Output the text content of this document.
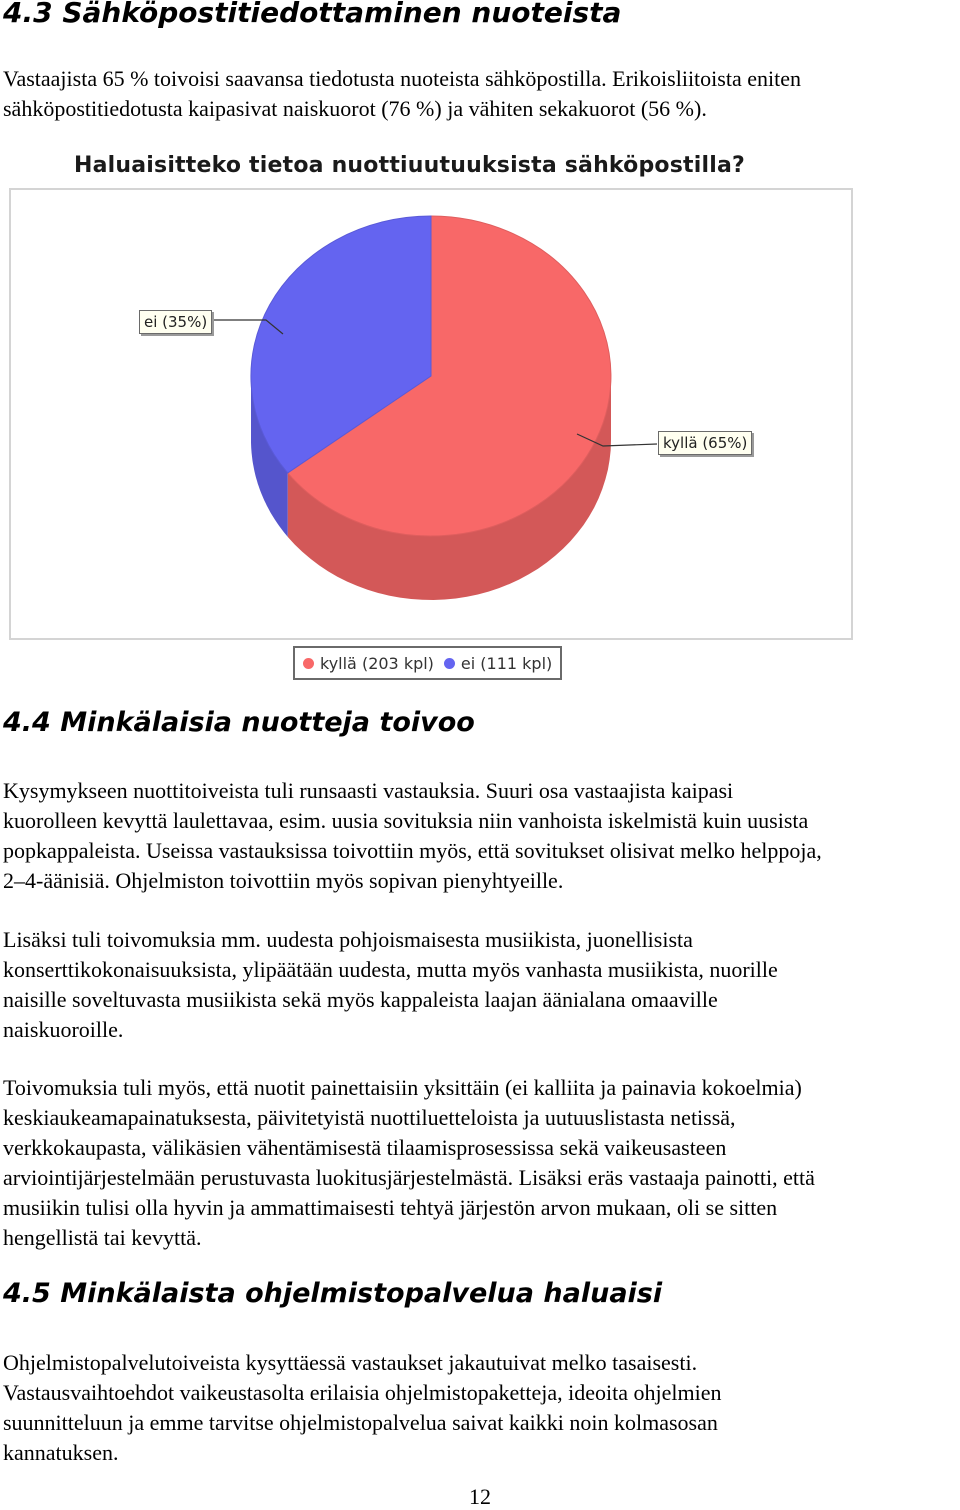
4.3 Sähköpostitiedottaminen nuoteista

Vastaajista 65 % toivoisi saavansa tiedotusta nuoteista sähköpostilla. Erikoisliitoista eniten
sähköpostitiedotusta kaipasivat naiskuorot (76 %) ja vähiten sekakuorot (56 %).

Haluaisitteko tietoa nuottiuutuuksista sähköpostilla?
ei (35%)
kyllä (65%)
kyllä (203 kpl) ei (111 kpl)
4.4 Minkälaisia nuotteja toivoo

Kysymykseen nuottitoiveista tuli runsaasti vastauksia. Suuri osa vastaajista kaipasi
kuorolleen kevyttä laulettavaa, esim. uusia sovituksia niin vanhoista iskelmistä kuin uusista
popkappaleista. Useissa vastauksissa toivottiin myös, että sovitukset olisivat melko helppoja,
2–4-äänisiä. Ohjelmiston toivottiin myös sopivan pienyhtyeille.

Lisäksi tuli toivomuksia mm. uudesta pohjoismaisesta musiikista, juonellisista
konserttikokonaisuuksista, ylipäätään uudesta, mutta myös vanhasta musiikista, nuorille
naisille soveltuvasta musiikista sekä myös kappaleista laajan äänialana omaaville
naiskuoroille.

Toivomuksia tuli myös, että nuotit painettaisiin yksittäin (ei kalliita ja painavia kokoelmia)
keskiaukeamapainatuksesta, päivitetyistä nuottiluetteloista ja uutuuslistasta netissä,
verkkokaupasta, välikäsien vähentämisestä tilaamisprosessissa sekä vaikeusasteen
arviointijärjestelmään perustuvasta luokitusjärjestelmästä. Lisäksi eräs vastaaja painotti, että
musiikin tulisi olla hyvin ja ammattimaisesti tehtyä järjestön arvon mukaan, oli se sitten
hengellistä tai kevyttä.

4.5 Minkälaista ohjelmistopalvelua haluaisi

Ohjelmistopalvelutoiveista kysyttäessä vastaukset jakautuivat melko tasaisesti.
Vastausvaihtoehdot vaikeustasolta erilaisia ohjelmistopaketteja, ideoita ohjelmien
suunnitteluun ja emme tarvitse ohjelmistopalvelua saivat kaikki noin kolmasosan
kannatuksen.

12
